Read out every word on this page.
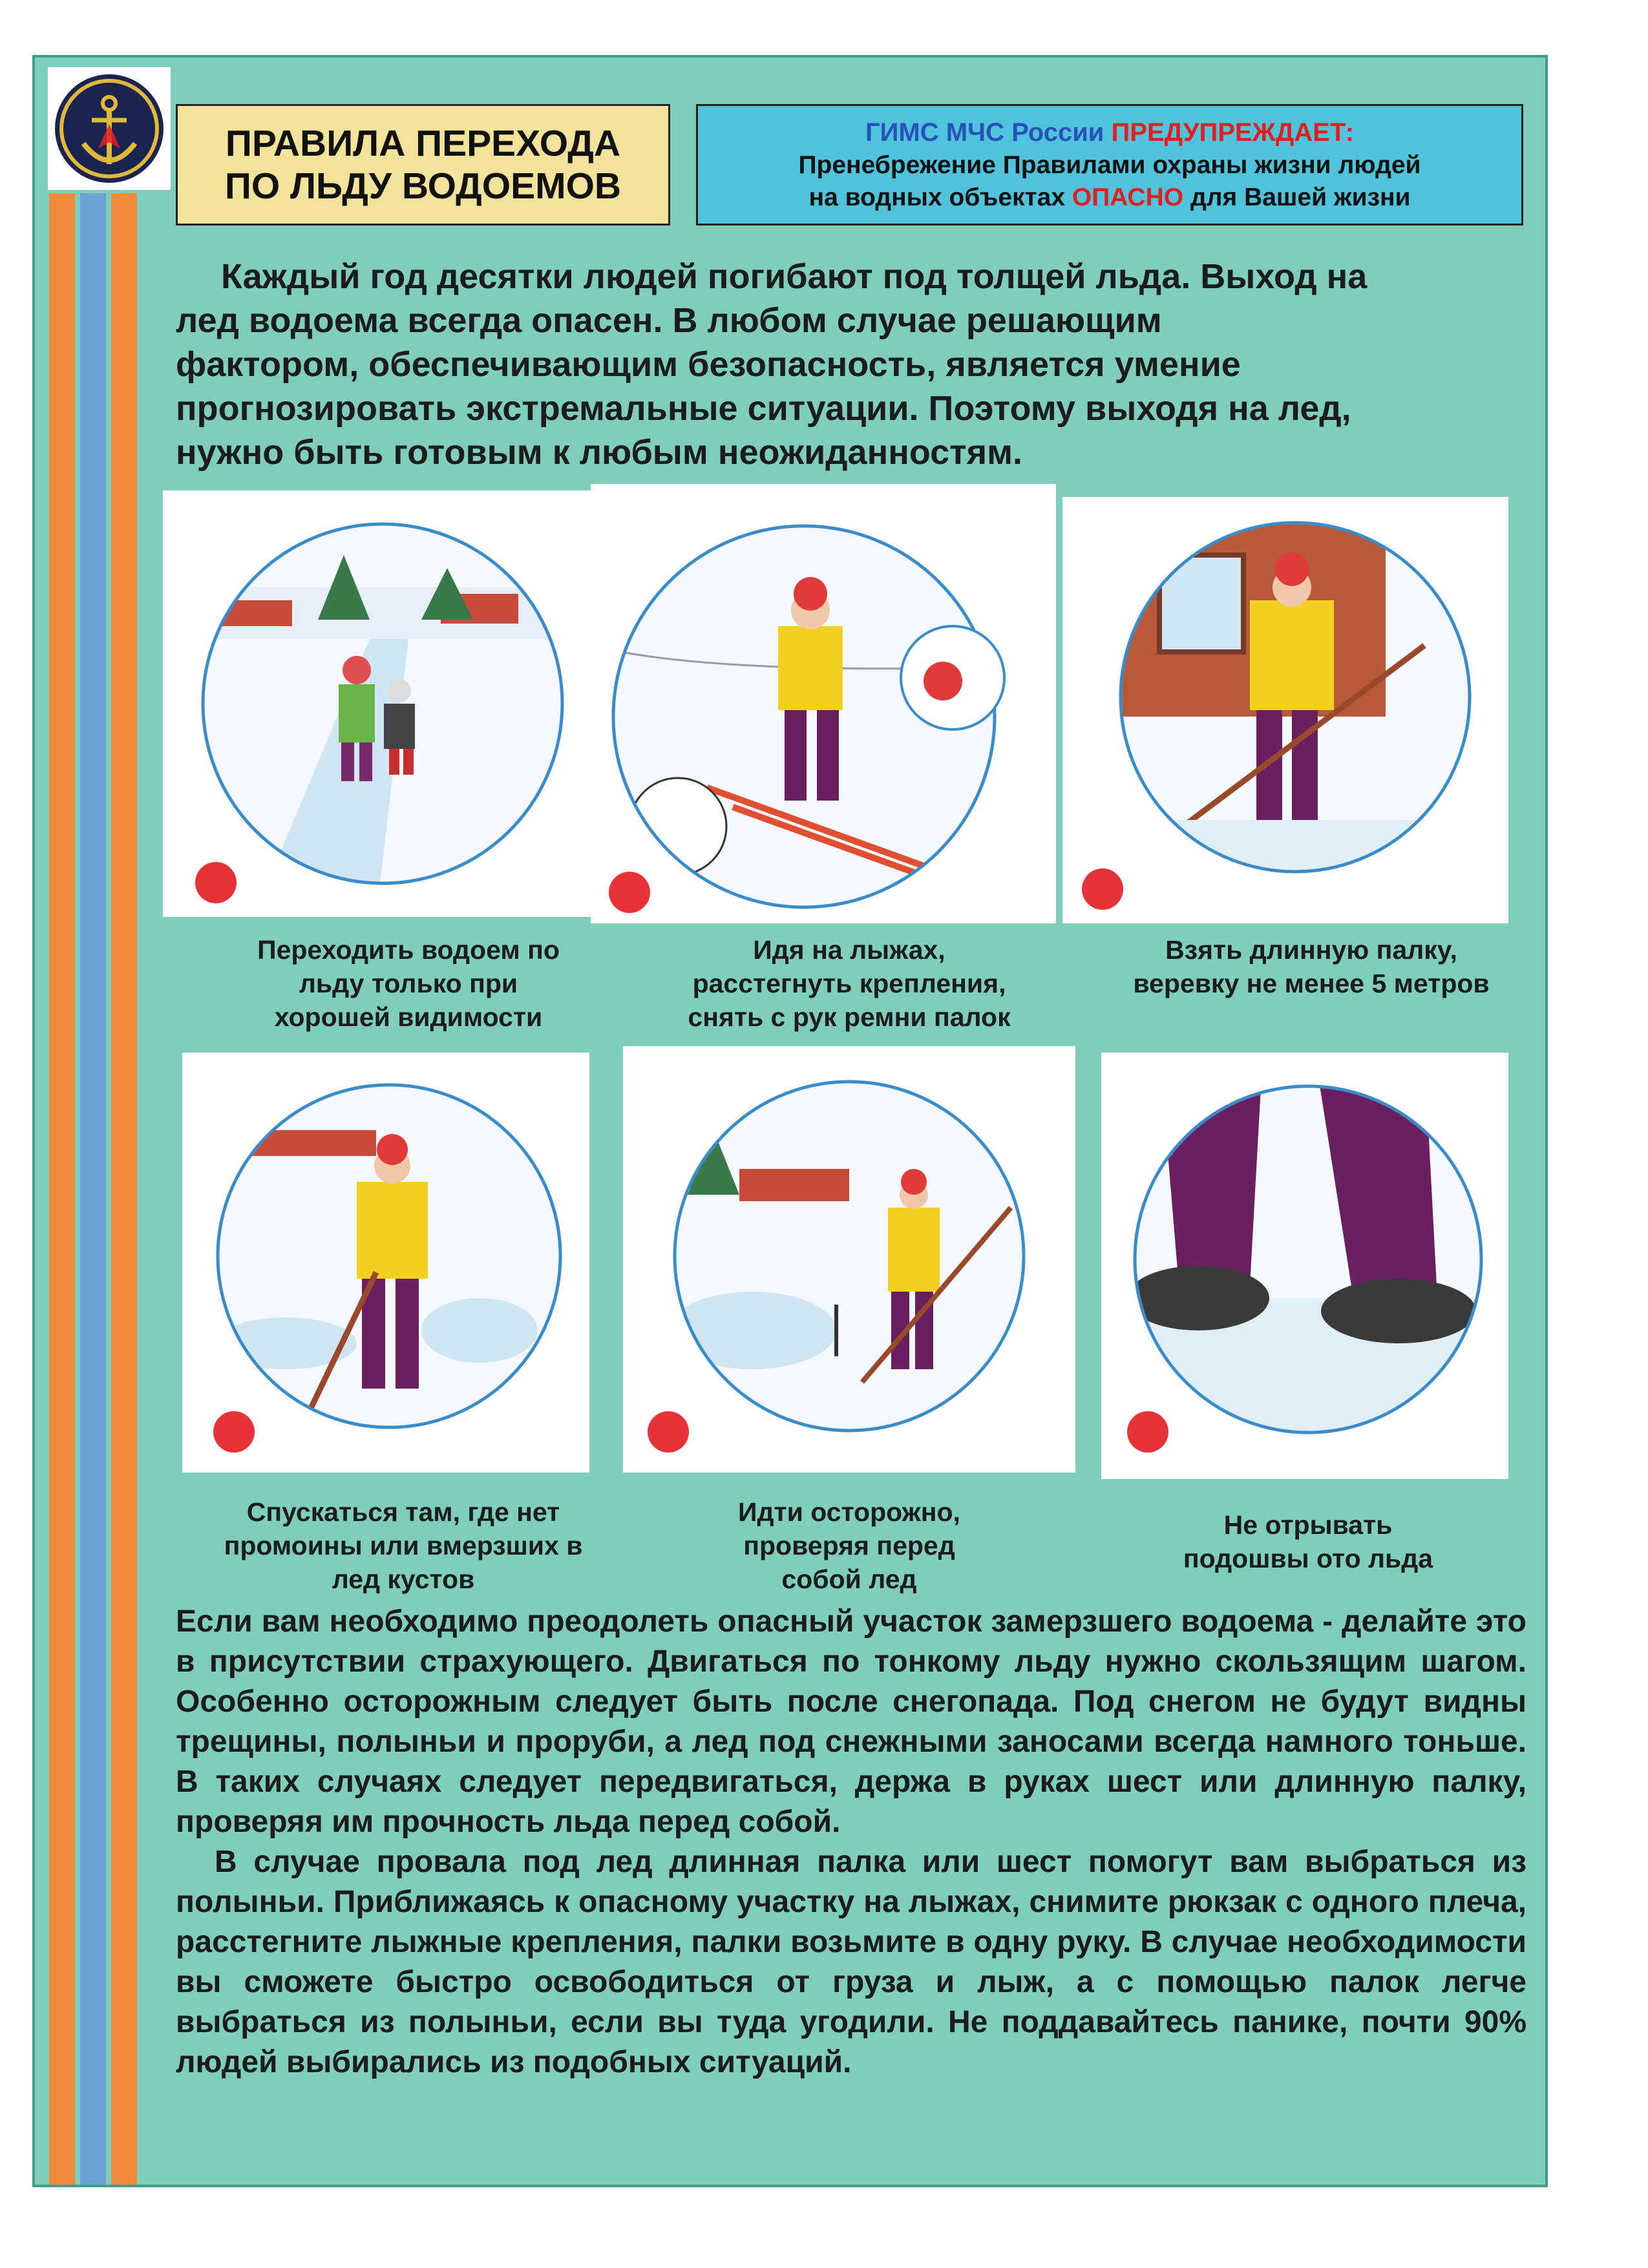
ПРАВИЛА ПЕРЕХОДА
ПО ЛЬДУ ВОДОЕМОВ
ГИМС МЧС России ПРЕДУПРЕЖДАЕТ:
Пренебрежение Правилами охраны жизни людей
на водных объектах ОПАСНО для Вашей жизни
Каждый год десятки людей погибают под толщей льда. Выход на
лед водоема всегда опасен. В любом случае решающим
фактором, обеспечивающим безопасность, является умение
прогнозировать экстремальные ситуации. Поэтому выходя на лед,
нужно быть готовым к любым неожиданностям.
Переходить водоем по
льду только при
хорошей видимости
Идя на лыжах,
расстегнуть крепления,
снять с рук ремни палок
Взять длинную палку,
веревку не менее 5 метров
Спускаться там, где нет
промоины или вмерзших в
лед кустов
Идти осторожно,
проверяя перед
собой лед
Не отрывать
подошвы ото льда

Если вам необходимо преодолеть опасный участок замерзшего водоема - делайте это в присутствии страхующего. Двигаться по тонкому льду нужно скользящим шагом. Особенно осторожным следует быть после снегопада. Под снегом не будут видны трещины, полыньи и проруби, а лед под снежными заносами всегда намного тоньше. В таких случаях следует передвигаться, держа в руках шест или длинную палку, проверяя им прочность льда перед собой.

В случае провала под лед длинная палка или шест помогут вам выбраться из полыньи. Приближаясь к опасному участку на лыжах, снимите рюкзак с одного плеча, расстегните лыжные крепления, палки возьмите в одну руку. В случае необходимости вы сможете быстро освободиться от груза и лыж, а с помощью палок легче выбраться из полыньи, если вы туда угодили. Не поддавайтесь панике, почти 90% людей выбирались из подобных ситуаций.
